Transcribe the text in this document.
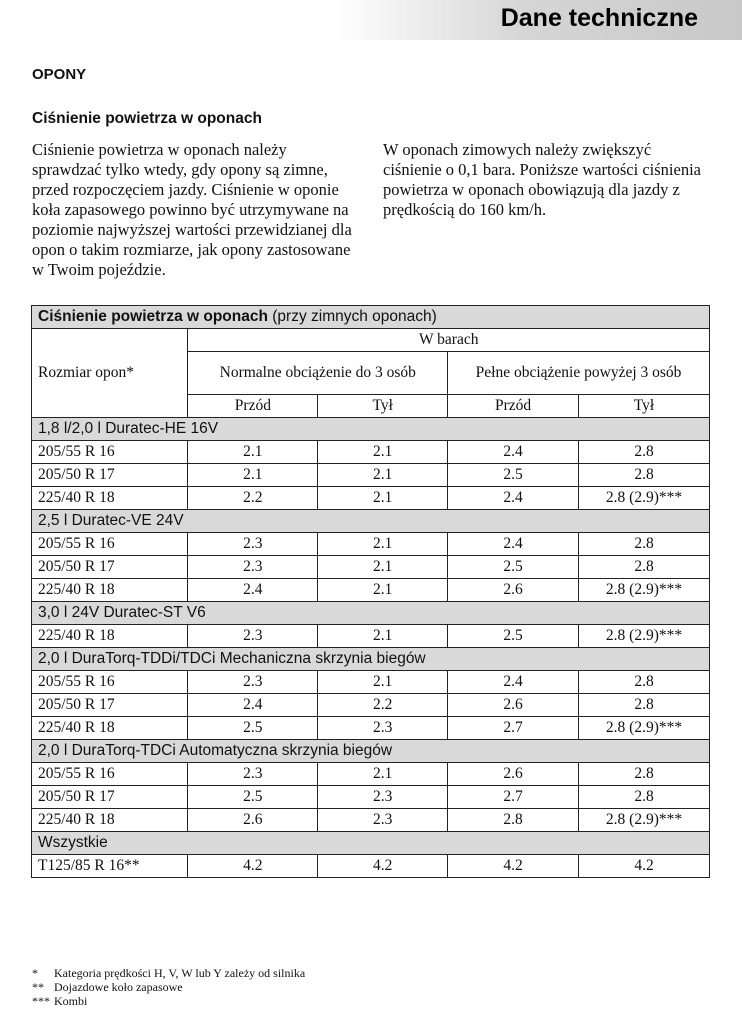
Dane techniczne
OPONY
Ciśnienie powietrza w oponach

Ciśnienie powietrza w oponach należy sprawdzać tylko wtedy, gdy opony są zimne, przed rozpoczęciem jazdy. Ciśnienie w oponie koła zapasowego powinno być utrzymywane na poziomie najwyższej wartości przewidzianej dla opon o takim rozmiarze, jak opony zastosowane w Twoim pojeździe.

W oponach zimowych należy zwiększyć ciśnienie o 0,1 bara. Poniższe wartości ciśnienia powietrza w oponach obowiązują dla jazdy z prędkością do 160 km/h.

Ciśnienie powietrza w oponach (przy zimnych oponach)				

Rozmiar opon*	W barach			

	Normalne obciążenie do 3 osób		Pełne obciążenie powyżej 3 osób	

	Przód	Tył	Przód	Tył
1,8 l/2,0 l Duratec-HE 16V				
205/55 R 16	2.1	2.1	2.4	2.8
205/50 R 17	2.1	2.1	2.5	2.8
225/40 R 18	2.2	2.1	2.4	2.8 (2.9)***
2,5 l Duratec-VE 24V				
205/55 R 16	2.3	2.1	2.4	2.8
205/50 R 17	2.3	2.1	2.5	2.8
225/40 R 18	2.4	2.1	2.6	2.8 (2.9)***
3,0 l 24V Duratec-ST V6				
225/40 R 18	2.3	2.1	2.5	2.8 (2.9)***
2,0 l DuraTorq-TDDi/TDCi Mechaniczna skrzynia biegów				
205/55 R 16	2.3	2.1	2.4	2.8
205/50 R 17	2.4	2.2	2.6	2.8
225/40 R 18	2.5	2.3	2.7	2.8 (2.9)***
2,0 l DuraTorq-TDCi Automatyczna skrzynia biegów				
205/55 R 16	2.3	2.1	2.6	2.8
205/50 R 17	2.5	2.3	2.7	2.8
225/40 R 18	2.6	2.3	2.8	2.8 (2.9)***
Wszystkie				
T125/85 R 16**	4.2	4.2	4.2	4.2
*	Kategoria prędkości H, V, W lub Y zależy od silnika
** Dojazdowe koło zapasowe
*** Kombi
